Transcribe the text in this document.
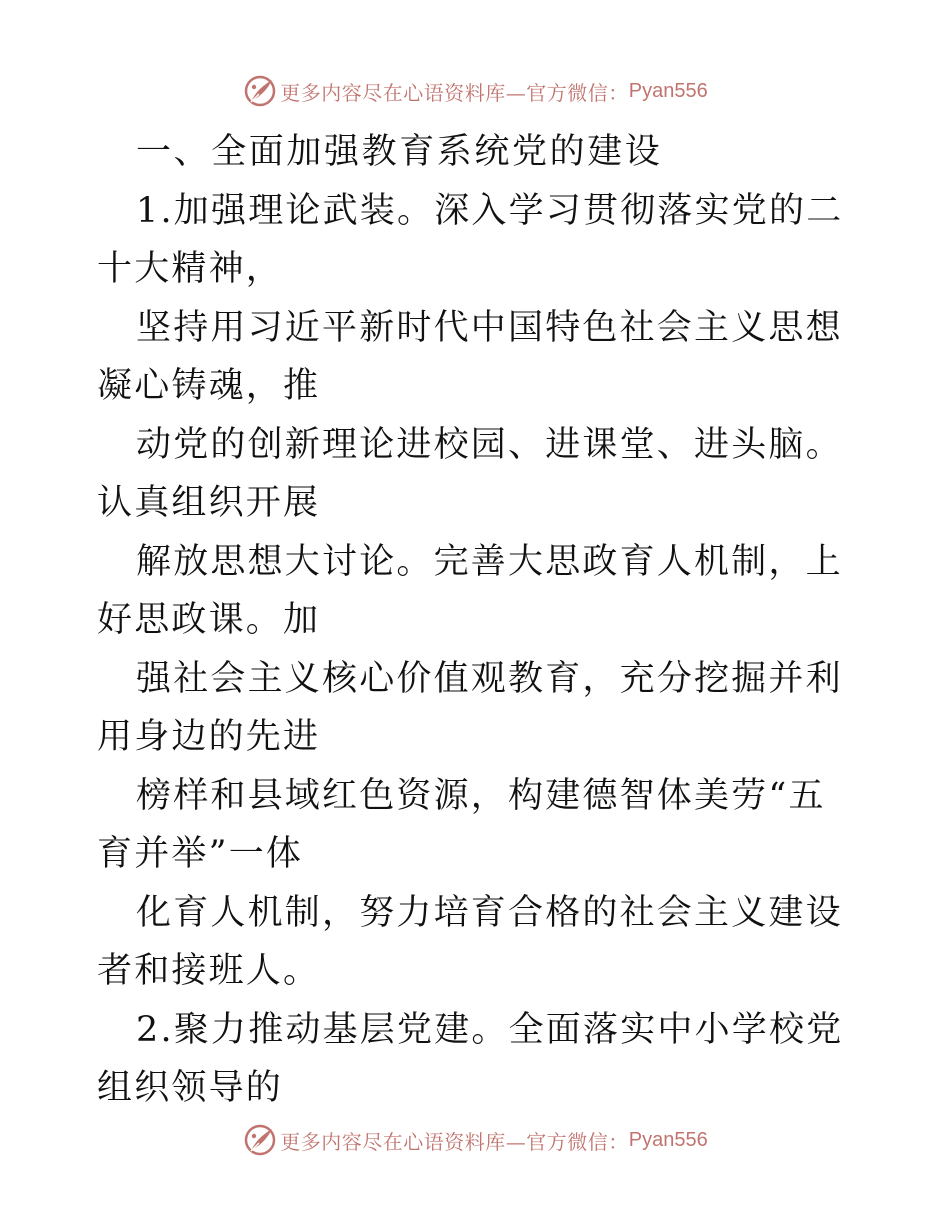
更多内容尽在心语资料库—官方微信： Pyan556

一、全面加强教育系统党的建设

1.加强理论武装。深入学习贯彻落实党的二十大精神，

坚持用习近平新时代中国特色社会主义思想凝心铸魂，推

动党的创新理论进校园、进课堂、进头脑。认真组织开展

解放思想大讨论。完善大思政育人机制，上好思政课。加

强社会主义核心价值观教育，充分挖掘并利用身边的先进

榜样和县域红色资源，构建德智体美劳“五育并举”一体

化育人机制，努力培育合格的社会主义建设者和接班人。

2.聚力推动基层党建。全面落实中小学校党组织领导的

更多内容尽在心语资料库—官方微信： Pyan556
